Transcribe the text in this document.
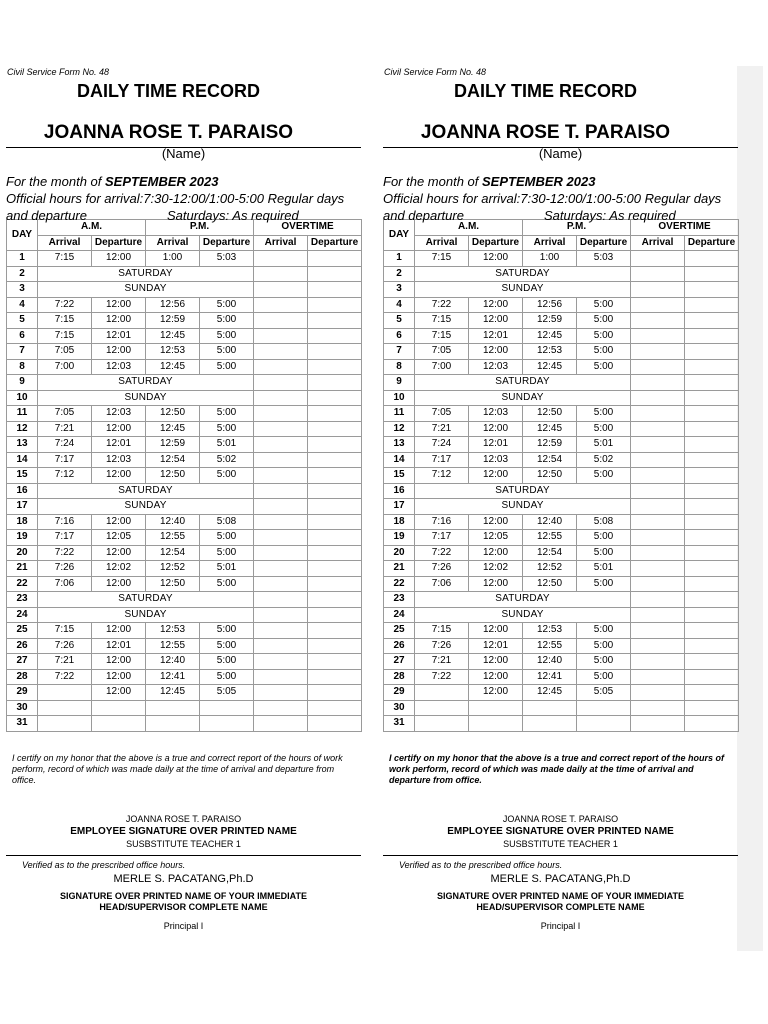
Civil Service Form No. 48
DAILY TIME RECORD
JOANNA ROSE T. PARAISO
(Name)
For the month of SEPTEMBER 2023
Official hours for arrival:7:30-12:00/1:00-5:00 Regular days
and departure	Saturdays: As required
DAY	A.M.		P.M.		OVERTIME	
	Arrival	Departure	Arrival	Departure	Arrival	Departure
1	7:15	12:00	1:00	5:03		
2	SATURDAY					
3	SUNDAY					
4	7:22	12:00	12:56	5:00		
5	7:15	12:00	12:59	5:00		
6	7:15	12:01	12:45	5:00		
7	7:05	12:00	12:53	5:00		
8	7:00	12:03	12:45	5:00		
9	SATURDAY					
10	SUNDAY					
11	7:05	12:03	12:50	5:00		
12	7:21	12:00	12:45	5:00		
13	7:24	12:01	12:59	5:01		
14	7:17	12:03	12:54	5:02		
15	7:12	12:00	12:50	5:00		
16	SATURDAY					
17	SUNDAY					
18	7:16	12:00	12:40	5:08		
19	7:17	12:05	12:55	5:00		
20	7:22	12:00	12:54	5:00		
21	7:26	12:02	12:52	5:01		
22	7:06	12:00	12:50	5:00		
23	SATURDAY					
24	SUNDAY					
25	7:15	12:00	12:53	5:00		
26	7:26	12:01	12:55	5:00		
27	7:21	12:00	12:40	5:00		
28	7:22	12:00	12:41	5:00		
29		12:00	12:45	5:05		
30						
31						
I certify on my honor that the above is a true and correct report of the hours of work perform, record of which was made daily at the time of arrival and departure from office.
JOANNA ROSE T. PARAISO
EMPLOYEE SIGNATURE OVER PRINTED NAME
SUSBSTITUTE TEACHER 1
Verified as to the prescribed office hours.
MERLE S. PACATANG,Ph.D
SIGNATURE OVER PRINTED NAME OF YOUR IMMEDIATE
HEAD/SUPERVISOR COMPLETE NAME
Principal I
Civil Service Form No. 48
DAILY TIME RECORD
JOANNA ROSE T. PARAISO
(Name)
For the month of SEPTEMBER 2023
Official hours for arrival:7:30-12:00/1:00-5:00 Regular days
and departure	Saturdays: As required
DAY	A.M.		P.M.		OVERTIME	
	Arrival	Departure	Arrival	Departure	Arrival	Departure
1	7:15	12:00	1:00	5:03		
2	SATURDAY					
3	SUNDAY					
4	7:22	12:00	12:56	5:00		
5	7:15	12:00	12:59	5:00		
6	7:15	12:01	12:45	5:00		
7	7:05	12:00	12:53	5:00		
8	7:00	12:03	12:45	5:00		
9	SATURDAY					
10	SUNDAY					
11	7:05	12:03	12:50	5:00		
12	7:21	12:00	12:45	5:00		
13	7:24	12:01	12:59	5:01		
14	7:17	12:03	12:54	5:02		
15	7:12	12:00	12:50	5:00		
16	SATURDAY					
17	SUNDAY					
18	7:16	12:00	12:40	5:08		
19	7:17	12:05	12:55	5:00		
20	7:22	12:00	12:54	5:00		
21	7:26	12:02	12:52	5:01		
22	7:06	12:00	12:50	5:00		
23	SATURDAY					
24	SUNDAY					
25	7:15	12:00	12:53	5:00		
26	7:26	12:01	12:55	5:00		
27	7:21	12:00	12:40	5:00		
28	7:22	12:00	12:41	5:00		
29		12:00	12:45	5:05		
30						
31						
I certify on my honor that the above is a true and correct report of the hours of work perform, record of which was made daily at the time of arrival and departure from office.
JOANNA ROSE T. PARAISO
EMPLOYEE SIGNATURE OVER PRINTED NAME
SUSBSTITUTE TEACHER 1
Verified as to the prescribed office hours.
MERLE S. PACATANG,Ph.D
SIGNATURE OVER PRINTED NAME OF YOUR IMMEDIATE
HEAD/SUPERVISOR COMPLETE NAME
Principal I
